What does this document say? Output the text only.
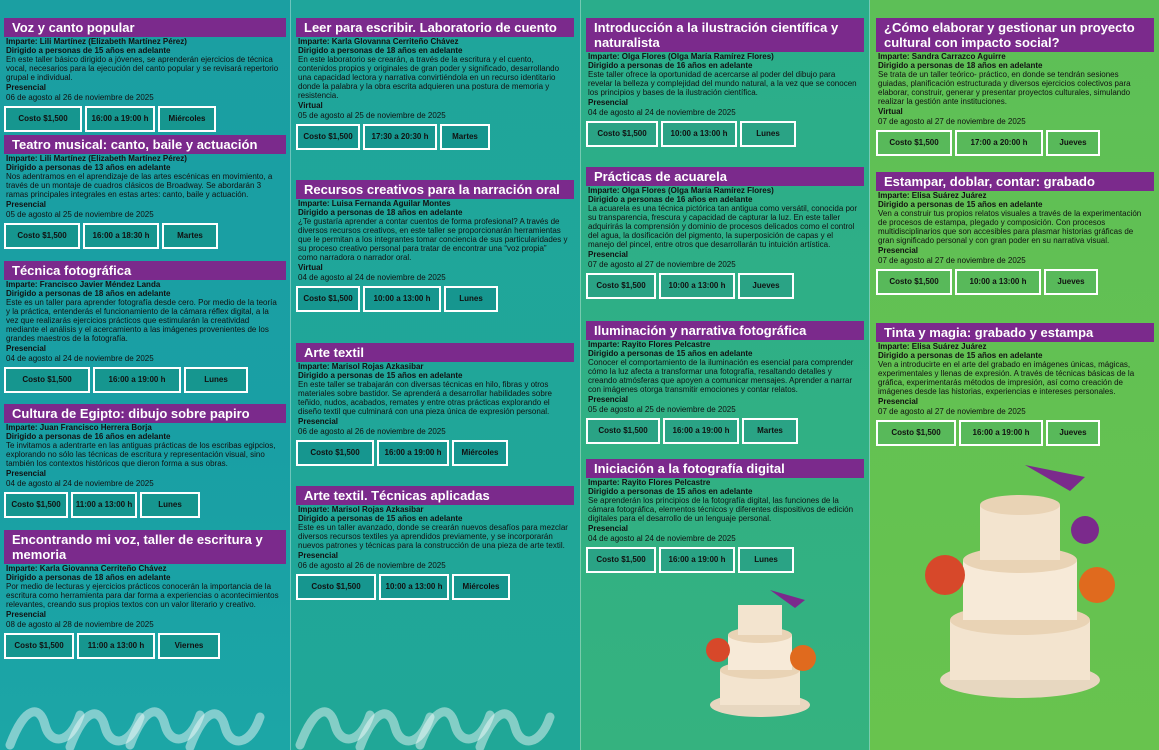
Voz y canto popular
Imparte: Lili Martínez (Elizabeth Martínez Pérez)
Dirigido a personas de 15 años en adelante
En este taller básico dirigido a jóvenes, se aprenderán ejercicios de técnica vocal, necesarios para la ejecución del canto popular y se revisará repertorio grupal e individual.
Presencial
06 de agosto al 26 de noviembre de 2025
Costo $1,500	16:00 a 19:00 h	Miércoles
Teatro musical: canto, baile y actuación
Imparte: Lili Martínez (Elizabeth Martínez Pérez)
Dirigido a personas de 13 años en adelante
Nos adentramos en el aprendizaje de las artes escénicas en movimiento, a través de un montaje de cuadros clásicos de Broadway. Se abordarán 3 ramas principales integrales en estas artes: canto, baile y actuación.
Presencial
05 de agosto al 25 de noviembre de 2025
Costo $1,500	16:00 a 18:30 h	Martes
Técnica fotográfica
Imparte: Francisco Javier Méndez Landa
Dirigido a personas de 18 años en adelante
Este es un taller para aprender fotografía desde cero. Por medio de la teoría y la práctica, entenderás el funcionamiento de la cámara réflex digital, a la vez que realizarás ejercicios prácticos que estimularán la creatividad mediante el análisis y el acercamiento a las imágenes provenientes de los grandes maestros de la fotografía.
Presencial
04 de agosto al 24 de noviembre de 2025
Costo $1,500	16:00 a 19:00 h	Lunes
Cultura de Egipto: dibujo sobre papiro
Imparte: Juan Francisco Herrera Borja
Dirigido a personas de 16 años en adelante
Te invitamos a adentrarte en las antiguas prácticas de los escribas egipcios, explorando no sólo las técnicas de escritura y representación visual, sino también los contextos históricos que dieron forma a sus obras.
Presencial
04 de agosto al 24 de noviembre de 2025
Costo $1,500	11:00 a 13:00 h	Lunes
Encontrando mi voz, taller de escritura y memoria
Imparte: Karla Giovanna Cerriteño Chávez
Dirigido a personas de 18 años en adelante
Por medio de lecturas y ejercicios prácticos conocerán la importancia de la escritura como herramienta para dar forma a experiencias o acontecimientos relevantes, creando sus propios textos con un valor literario y creativo.
Presencial
08 de agosto al 28 de noviembre de 2025
Costo $1,500	11:00 a 13:00 h	Viernes
Leer para escribir. Laboratorio de cuento
Imparte: Karla Glovanna Cerriteño Chávez
Dirigido a personas de 18 años en adelante
En este laboratorio se crearán, a través de la escritura y el cuento, contenidos propios y originales de gran poder y significado, desarrollando una capacidad lectora y narrativa convirtiéndola en un recurso identitario donde la palabra y la obra escrita adquieren una postura de memoria y resistencia.
Virtual
05 de agosto al 25 de noviembre de 2025
Costo $1,500	17:30 a 20:30 h	Martes
Recursos creativos para la narración oral
Imparte: Luisa Fernanda Aguilar Montes
Dirigido a personas de 18 años en adelante
¿Te gustaría aprender a contar cuentos de forma profesional? A través de diversos recursos creativos, en este taller se proporcionarán herramientas que le permitan a los integrantes tomar conciencia de sus particularidades y su proceso creativo personal para tratar de encontrar una “voz propia” como narradora o narrador oral.
Virtual
04 de agosto al 24 de noviembre de 2025
Costo $1,500	10:00 a 13:00 h	Lunes
Arte textil
Imparte: Marisol Rojas Azkasibar
Dirigido a personas de 15 años en adelante
En este taller se trabajarán con diversas técnicas en hilo, fibras y otros materiales sobre bastidor. Se aprenderá a desarrollar habilidades sobre teñido, nudos, acabados, remates y entre otras prácticas explorando el diseño textil que culminará con una pieza única de expresión personal.
Presencial
06 de agosto al 26 de noviembre de 2025
Costo $1,500	16:00 a 19:00 h	Miércoles
Arte textil. Técnicas aplicadas
Imparte: Marisol Rojas Azkasibar
Dirigido a personas de 15 años en adelante
Este es un taller avanzado, donde se crearán nuevos desafíos para mezclar diversos recursos textiles ya aprendidos previamente, y se incorporarán nuevos patrones y técnicas para la construcción de una pieza de arte textil.
Presencial
06 de agosto al 26 de noviembre de 2025
Costo $1,500	10:00 a 13:00 h	Miércoles
Introducción a la ilustración científica y naturalista
Imparte: Olga Flores (Olga María Ramírez Flores)
Dirigido a personas de 16 años en adelante
Este taller ofrece la oportunidad de acercarse al poder del dibujo para revelar la belleza y complejidad del mundo natural, a la vez que se conocen los principios y bases de la ilustración científica.
Presencial
04 de agosto al 24 de noviembre de 2025
Costo $1,500	10:00 a 13:00 h	Lunes
Prácticas de acuarela
Imparte: Olga Flores (Olga María Ramírez Flores)
Dirigido a personas de 16 años en adelante
La acuarela es una técnica pictórica tan antigua como versátil, conocida por su transparencia, frescura y capacidad de capturar la luz. En este taller adquirirás la comprensión y dominio de procesos delicados como el control del agua, la dosificación del pigmento, la superposición de capas y el manejo del pincel, entre otros que desarrollarán tu intuición artística.
Presencial
07 de agosto al 27 de noviembre de 2025
Costo $1,500	10:00 a 13:00 h	Jueves
Iluminación y narrativa fotográfica
Imparte: Rayito Flores Pelcastre
Dirigido a personas de 15 años en adelante
Conocer el comportamiento de la iluminación es esencial para comprender cómo la luz afecta a transformar una fotografía, resaltando detalles y creando atmósferas que apoyen a comunicar mensajes. Aprender a narrar con imágenes otorga transmitir emociones y contar relatos.
Presencial
05 de agosto al 25 de noviembre de 2025
Costo $1,500	16:00 a 19:00 h	Martes
Iniciación a la fotografía digital
Imparte: Rayito Flores Pelcastre
Dirigido a personas de 15 años en adelante
Se aprenderán los principios de la fotografía digital, las funciones de la cámara fotográfica, elementos técnicos y diferentes dispositivos de edición digitales para el desarrollo de un lenguaje personal.
Presencial
04 de agosto al 24 de noviembre de 2025
Costo $1,500	16:00 a 19:00 h	Lunes
¿Cómo elaborar y gestionar un proyecto cultural con impacto social?
Imparte: Sandra Carrazco Aguirre
Dirigido a personas de 18 años en adelante
Se trata de un taller teórico- práctico, en donde se tendrán sesiones guiadas, planificación estructurada y diversos ejercicios colectivos para elaborar, construir, generar y presentar proyectos culturales, simulando realizar la gestión ante instituciones.
Virtual
07 de agosto al 27 de noviembre de 2025
Costo $1,500	17:00 a 20:00 h	Jueves
Estampar, doblar, contar: grabado
Imparte: Elisa Suárez Juárez
Dirigido a personas de 15 años en adelante
Ven a construir tus propios relatos visuales a través de la experimentación de procesos de estampa, plegado y composición. Con procesos multidisciplinarios que son accesibles para plasmar historias gráficas de gran significado personal y con gran poder en su narrativa visual.
Presencial
07 de agosto al 27 de noviembre de 2025
Costo $1,500	10:00 a 13:00 h	Jueves
Tinta y magia: grabado y estampa
Imparte: Elisa Suárez Juárez
Dirigido a personas de 15 años en adelante
Ven a introducirte en el arte del grabado en imágenes únicas, mágicas, experimentales y llenas de expresión. A través de técnicas básicas de la gráfica, experimentarás métodos de impresión, así como creación de imágenes desde las historias, experiencias e intereses personales.
Presencial
07 de agosto al 27 de noviembre de 2025
Costo $1,500	16:00 a 19:00 h	Jueves
